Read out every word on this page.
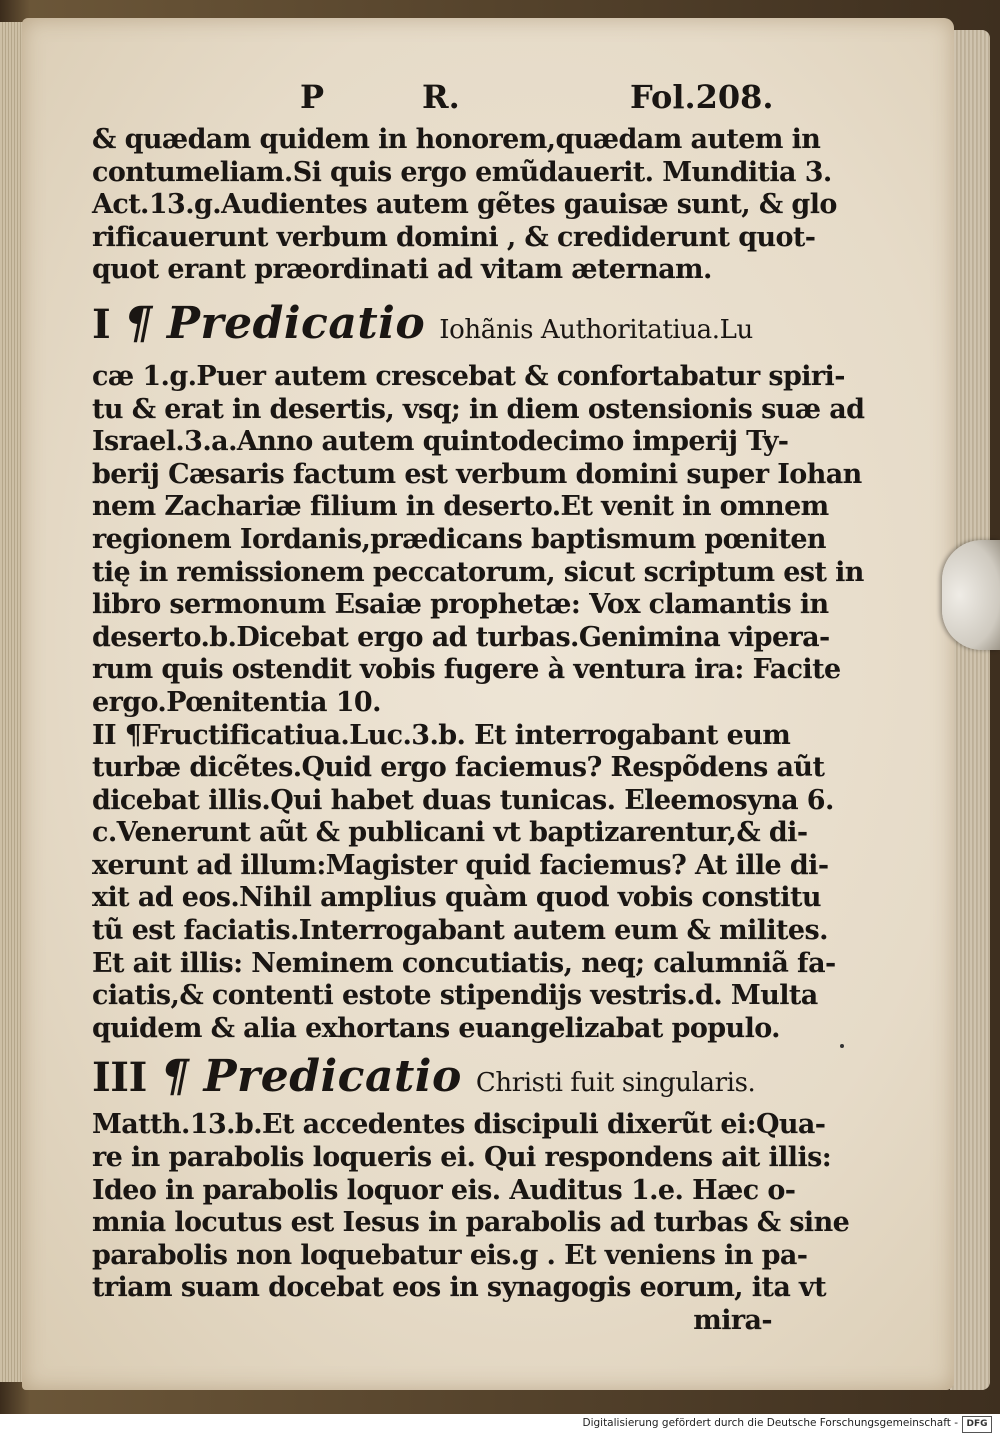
P	R.	Fol.208.
& quædam quidem in honorem,quædam autem in
contumeliam.Si quis ergo emũdauerit. Munditia 3.
Act.13.g.Audientes autem gẽtes gauisæ sunt, & glo
rificauerunt verbum domini , & crediderunt quot-
quot erant præordinati ad vitam æternam.
I ¶ Predicatio Iohãnis Authoritatiua.Lu
cæ 1.g.Puer autem crescebat & confortabatur spiri-
tu & erat in desertis, vsq; in diem ostensionis suæ ad
Israel.3.a.Anno autem quintodecimo imperij Ty-
berij Cæsaris factum est verbum domini super Iohan
nem Zachariæ filium in deserto.Et venit in omnem
regionem Iordanis,prædicans baptismum pœniten
tię in remissionem peccatorum, sicut scriptum est in
libro sermonum Esaiæ prophetæ: Vox clamantis in
deserto.b.Dicebat ergo ad turbas.Genimina vipera-
rum quis ostendit vobis fugere à ventura ira: Facite
ergo.Pœnitentia 10.
II ¶Fructificatiua.Luc.3.b. Et interrogabant eum
turbæ dicẽtes.Quid ergo faciemus? Respõdens aũt
dicebat illis.Qui habet duas tunicas. Eleemosyna 6.
c.Venerunt aũt & publicani vt baptizarentur,& di-
xerunt ad illum:Magister quid faciemus? At ille di-
xit ad eos.Nihil amplius quàm quod vobis constitu
tũ est faciatis.Interrogabant autem eum & milites.
Et ait illis: Neminem concutiatis, neq; calumniã fa-
ciatis,& contenti estote stipendijs vestris.d. Multa
quidem & alia exhortans euangelizabat populo.
III ¶ Predicatio Christi fuit singularis.
Matth.13.b.Et accedentes discipuli dixerũt ei:Qua-
re in parabolis loqueris ei. Qui respondens ait illis:
Ideo in parabolis loquor eis. Auditus 1.e. Hæc o-
mnia locutus est Iesus in parabolis ad turbas & sine
parabolis non loquebatur eis.g . Et veniens in pa-
triam suam docebat eos in synagogis eorum, ita vt
mira-
Digitalisierung gefördert durch die Deutsche Forschungsgemeinschaft - DFG
